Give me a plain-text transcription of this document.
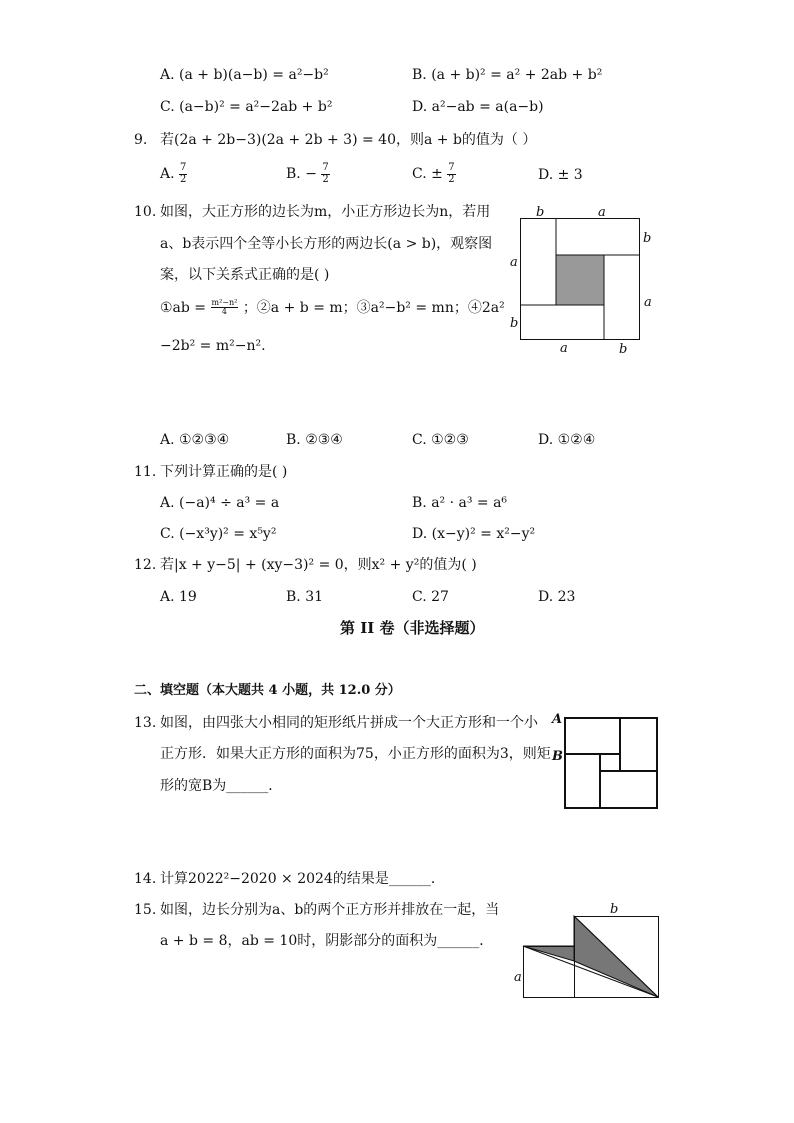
A. (a + b)(a−b) = a²−b²	B. (a + b)² = a² + 2ab + b²
C. (a−b)² = a²−2ab + b²	D. a²−ab = a(a−b)
9. 若(2a + 2b−3)(2a + 2b + 3) = 40，则a + b的值为（ ）
A. $\frac{7}{2}$	B. − $\frac{7}{2}$	C. ± $\frac{7}{2}$	D. ± 3
10. 如图，大正方形的边长为m，小正方形边长为n，若用
a、b表示四个全等小长方形的两边长(a > b)，观察图
案，以下关系式正确的是( )
①ab = $\frac{\text{m²−n²}}{4}$ ；②a + b = m；③a²−b² = mn；④2a²
−2b² = m²−n².
b	a
b
a
a
b
a	b
A. ①②③④	B. ②③④	C. ①②③	D. ①②④
11. 下列计算正确的是( )
A. (−a)⁴ ÷ a³ = a	B. a² · a³ = a⁶
C. (−x³y)² = x⁵y²	D. (x−y)² = x²−y²
12. 若|x + y−5| + (xy−3)² = 0，则x² + y²的值为( )
A. 19	B. 31	C. 27	D. 23
第 II 卷（非选择题）
二、填空题（本大题共 4 小题，共 12.0 分）
13. 如图，由四张大小相同的矩形纸片拼成一个大正方形和一个小
正方形．如果大正方形的面积为75，小正方形的面积为3，则矩
形的宽B为______．
A
B
14. 计算2022²−2020 × 2024的结果是______．
15. 如图，边长分别为a、b的两个正方形并排放在一起，当
a + b = 8，ab = 10时，阴影部分的面积为______．
b
a
